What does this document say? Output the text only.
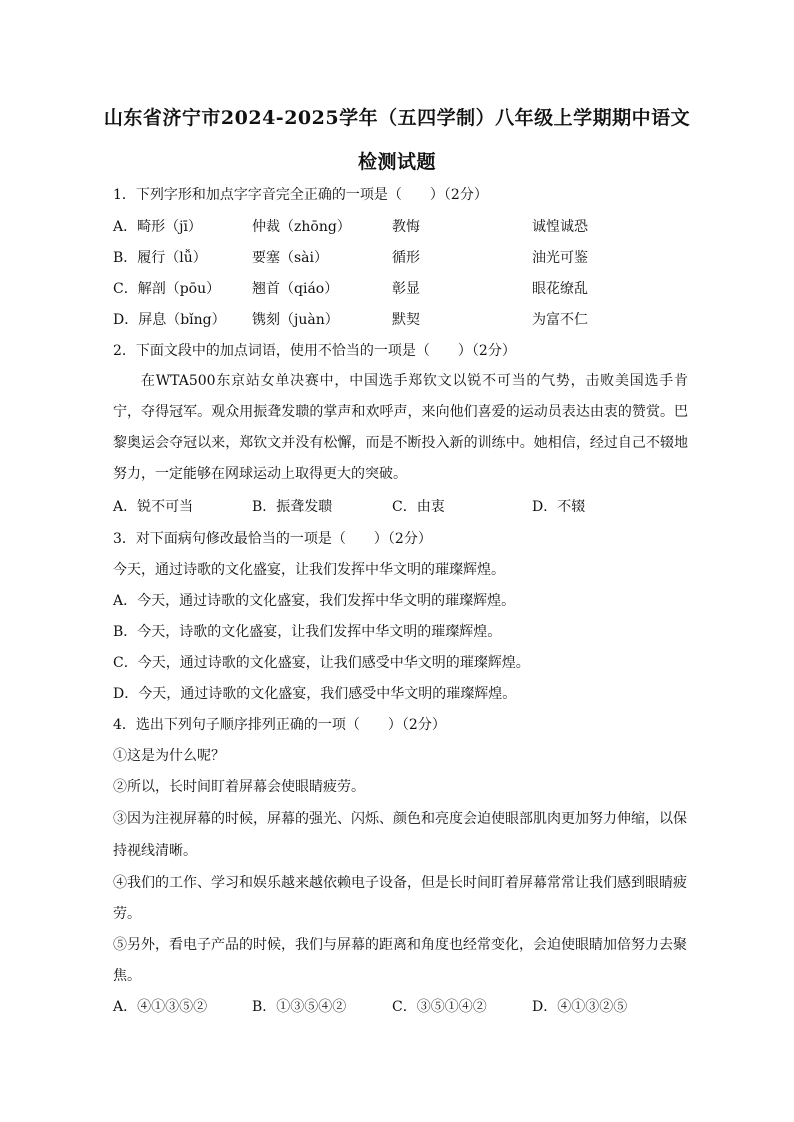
山东省济宁市2024-2025学年（五四学制）八年级上学期期中语文
检测试题
1．下列字形和加点字字音完全正确的一项是（　　）（2分）
A．畸形（jī）	仲裁（zhōng）	教悔	诚惶诚恐
B．履行（lǚ）	要塞（sài）	循形	油光可鉴
C．解剖（pōu） 翘首（qiáo）	彰显	眼花缭乱
D．屏息（bǐng） 镌刻（juàn）	默契	为富不仁
2．下面文段中的加点词语，使用不恰当的一项是（　　）（2分）
在WTA500东京站女单决赛中，中国选手郑钦文以锐不可当的气势，击败美国选手肯宁，夺得冠军。观众用振聋发聩的掌声和欢呼声，来向他们喜爱的运动员表达由衷的赞赏。巴黎奥运会夺冠以来，郑钦文并没有松懈，而是不断投入新的训练中。她相信，经过自己不辍地努力，一定能够在网球运动上取得更大的突破。
A．锐不可当	B．振聋发聩	C．由衷	D．不辍
3．对下面病句修改最恰当的一项是（　　）（2分）
今天，通过诗歌的文化盛宴，让我们发挥中华文明的璀璨辉煌。
A．今天，通过诗歌的文化盛宴，我们发挥中华文明的璀璨辉煌。
B．今天，诗歌的文化盛宴，让我们发挥中华文明的璀璨辉煌。
C．今天，通过诗歌的文化盛宴，让我们感受中华文明的璀璨辉煌。
D．今天，通过诗歌的文化盛宴，我们感受中华文明的璀璨辉煌。
4．选出下列句子顺序排列正确的一项（　　）（2分）
①这是为什么呢？
②所以，长时间盯着屏幕会使眼睛疲劳。
③因为注视屏幕的时候，屏幕的强光、闪烁、颜色和亮度会迫使眼部肌肉更加努力伸缩，以保
持视线清晰。
④我们的工作、学习和娱乐越来越依赖电子设备，但是长时间盯着屏幕常常让我们感到眼睛疲
劳。
⑤另外，看电子产品的时候，我们与屏幕的距离和角度也经常变化，会迫使眼睛加倍努力去聚
焦。
A．④①③⑤②	B．①③⑤④②	C．③⑤①④②	D．④①③②⑤
